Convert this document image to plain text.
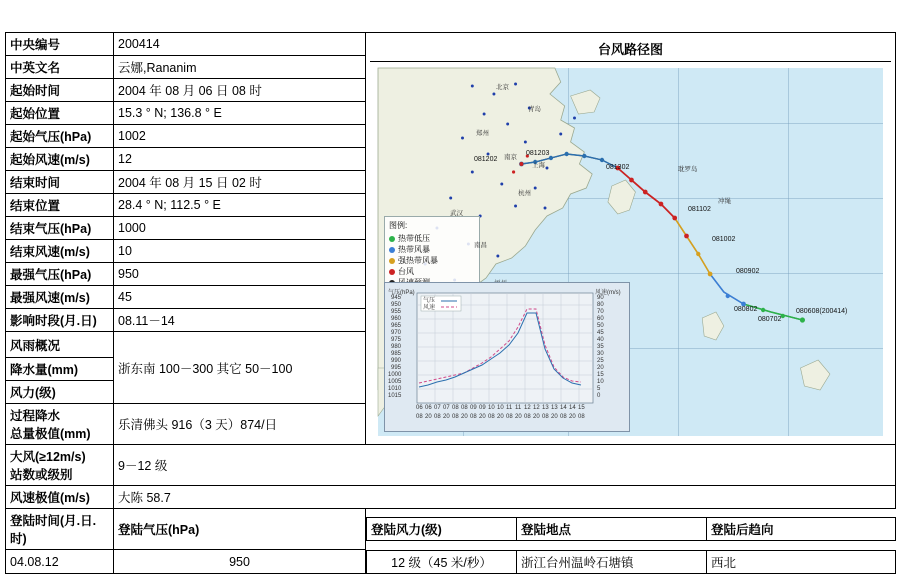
中央编号	200414	台风路径图
图例:
热带低压
热带风暴
强热带风暴
台风
081202
081203
081302
081102
081002
080902
080802
080702
080608(200414)
耽罗岛
冲绳
北京
青岛
郑州
南京
上海
杭州
武汉
南昌
气压
风速
气压(hPa)	风速(m/s)
945
950
955
960
965
970
975
980
985
990
995
1000
1005
1010
1015
90
80
70
60
50
45
40
35
30
25
20
15
10
5
0
06 06 07 07 08 08 09 09 10 10 11 11 12 12 13 13 14 14 15
08 20 08 20 08 20 08 20 08 20 08 20 08 20 08 20 08 20 08

中英文名	云娜,Rananim
起始时间	2004 年 08 月 06 日 08 时
起始位置	15.3 ° N; 136.8 ° E
起始气压(hPa)	1002
起始风速(m/s)	12
结束时间	2004 年 08 月 15 日 02 时
结束位置	28.4 ° N; 112.5 ° E
结束气压(hPa)	1000
结束风速(m/s)	10
最强气压(hPa)	950
最强风速(m/s)	45
影响时段(月.日)	08.11－14
风雨概况	浙东南 100－300 其它 50－100
降水量(mm)
风力(级)

过程降水
总量极值(mm)
	乐清佛头 916（3 天）874/日

大风(≥12m/s)
站数或级别
	9－12 级
风速极值(m/s)	大陈 58.7
登陆时间(月.日.时)	登陆气压(hPa)		登陆风力(级)	登陆地点	登陆后趋向

04.08.12	950		12 级（45 米/秒）	浙江台州温岭石塘镇	西北
